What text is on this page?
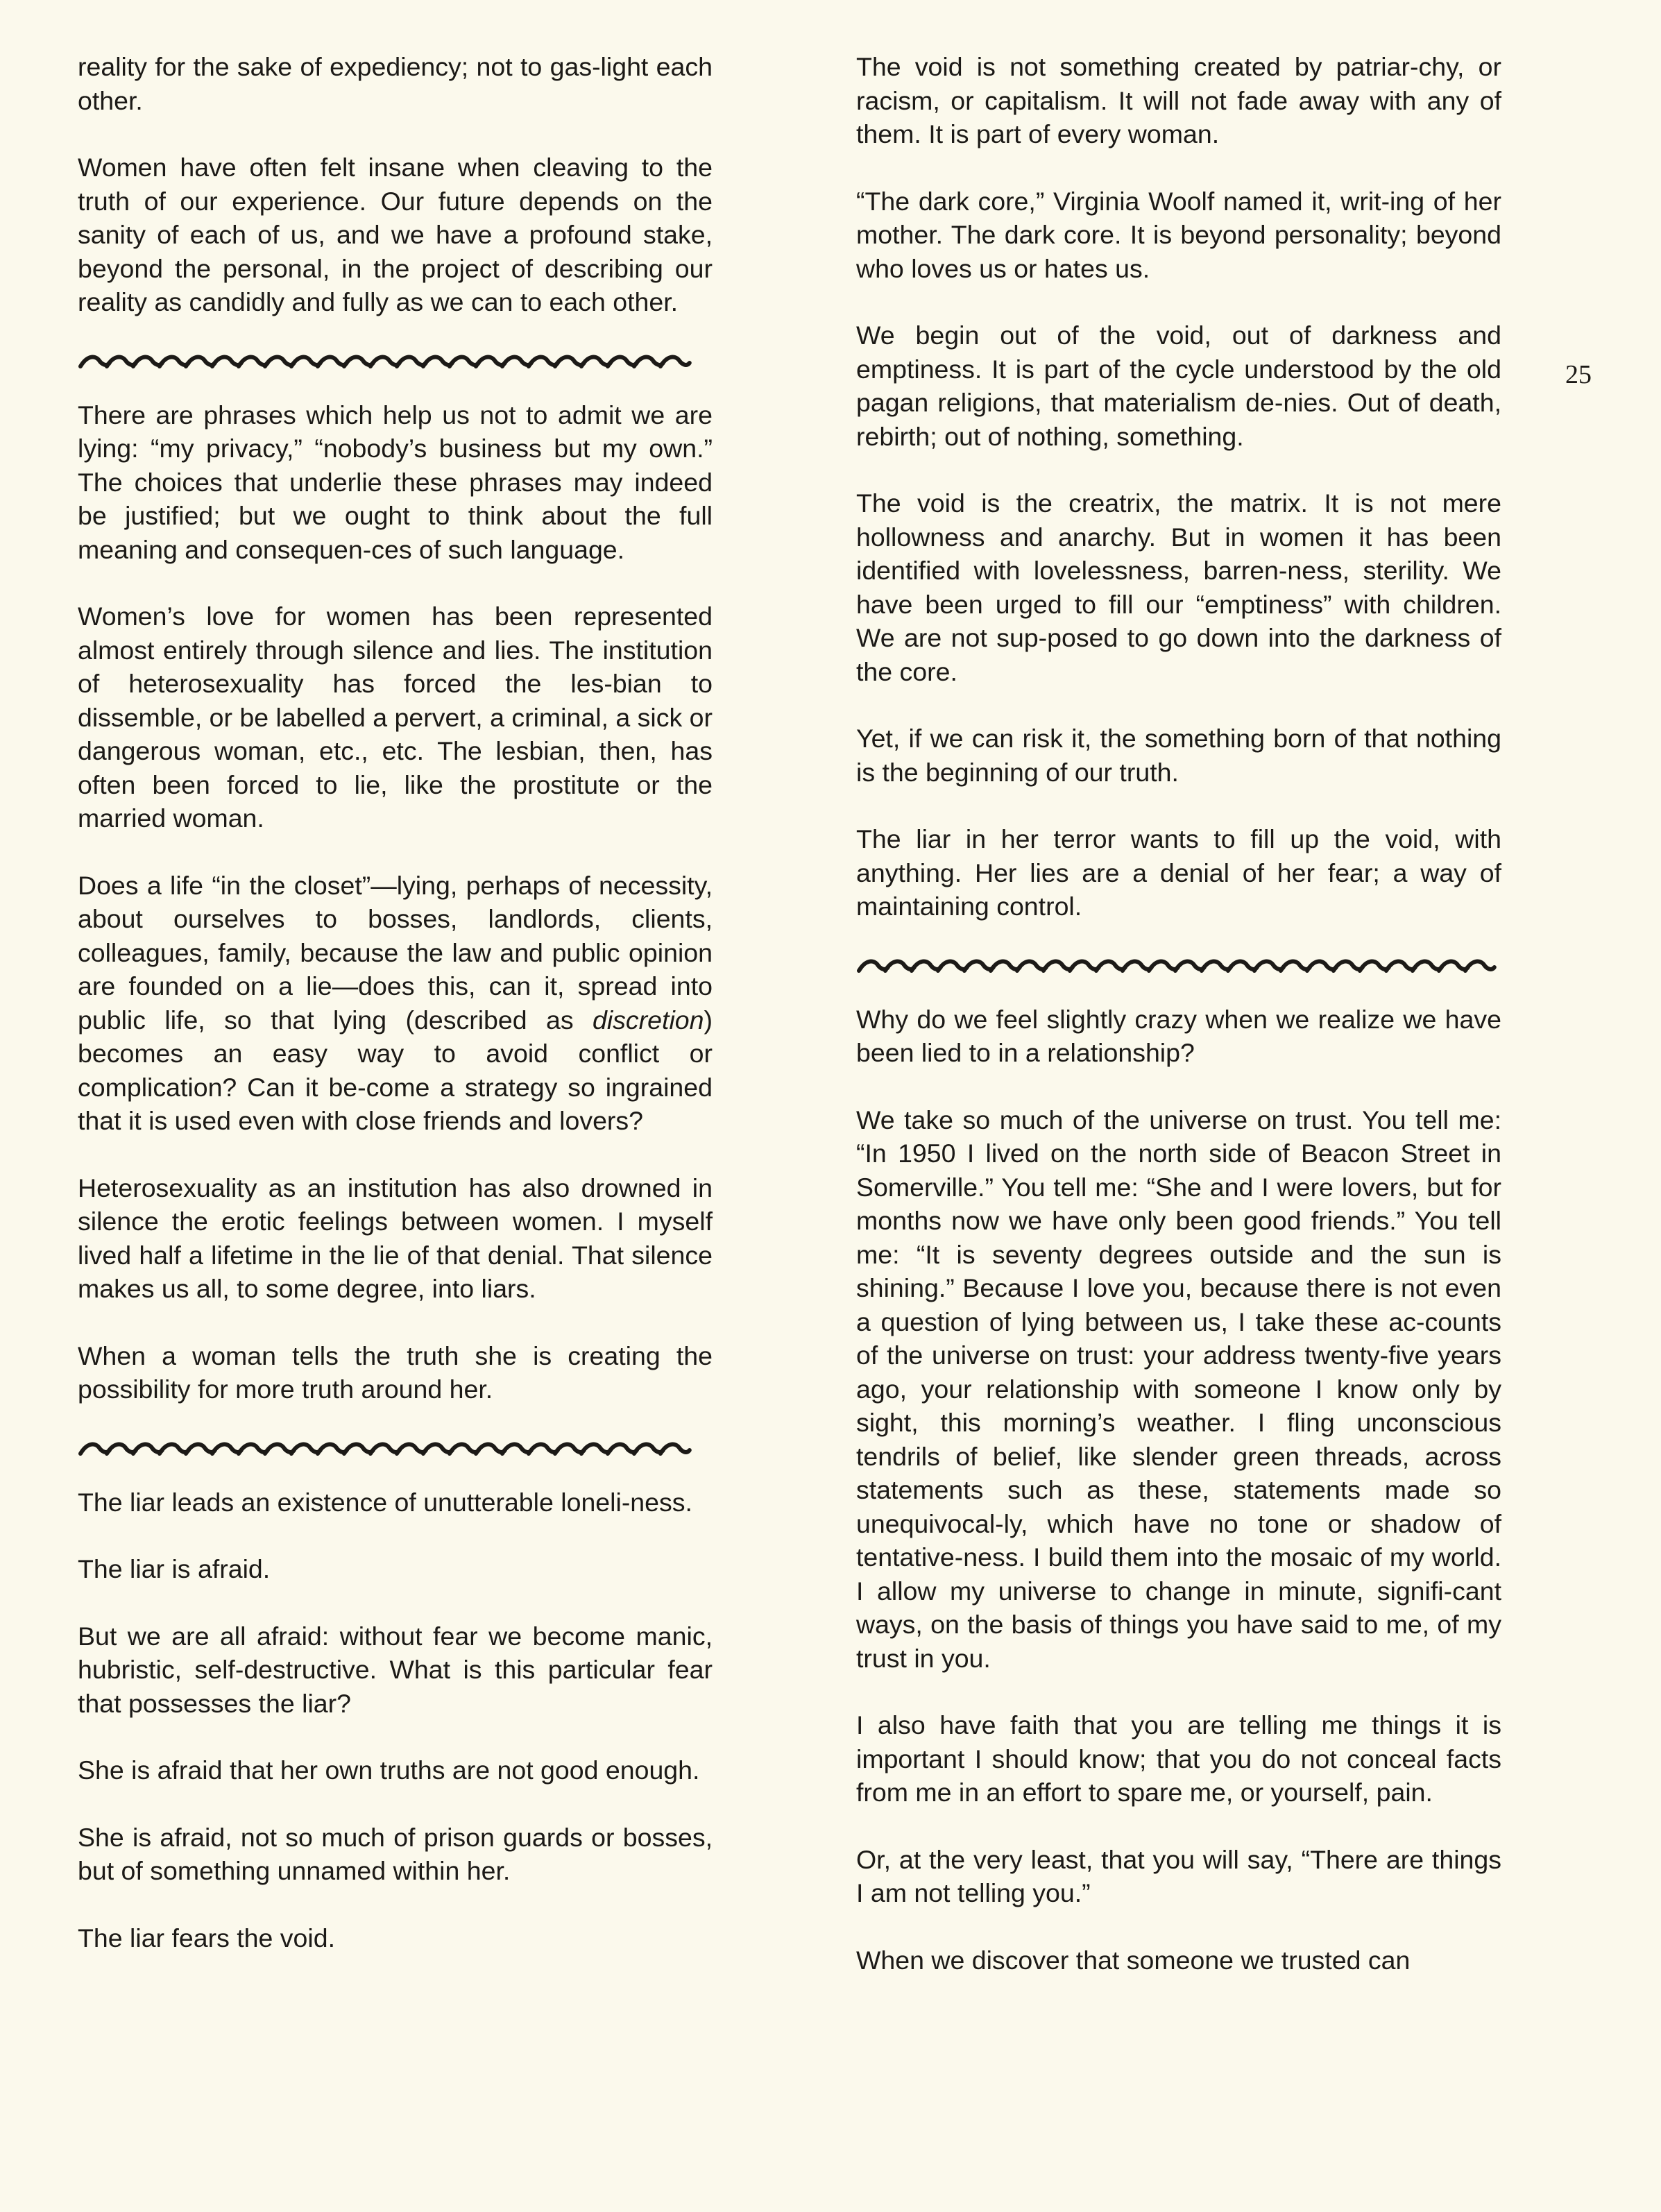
reality for the sake of expediency; not to gas-light each other.

Women have often felt insane when cleaving to the truth of our experience. Our future depends on the sanity of each of us, and we have a profound stake, beyond the personal, in the project of describing our reality as candidly and fully as we can to each other.

There are phrases which help us not to admit we are lying: “my privacy,” “nobody’s business but my own.” The choices that underlie these phrases may indeed be justified; but we ought to think about the full meaning and consequen-ces of such language.

Women’s love for women has been represented almost entirely through silence and lies. The institution of heterosexuality has forced the les-bian to dissemble, or be labelled a pervert, a criminal, a sick or dangerous woman, etc., etc. The lesbian, then, has often been forced to lie, like the prostitute or the married woman.

Does a life “in the closet”—lying, perhaps of necessity, about ourselves to bosses, landlords, clients, colleagues, family, because the law and public opinion are founded on a lie—does this, can it, spread into public life, so that lying (described as discretion) becomes an easy way to avoid conflict or complication? Can it be-come a strategy so ingrained that it is used even with close friends and lovers?

Heterosexuality as an institution has also drowned in silence the erotic feelings between women. I myself lived half a lifetime in the lie of that denial. That silence makes us all, to some degree, into liars.

When a woman tells the truth she is creating the possibility for more truth around her.

The liar leads an existence of unutterable loneli-ness.

The liar is afraid.

But we are all afraid: without fear we become manic, hubristic, self-destructive. What is this particular fear that possesses the liar?

She is afraid that her own truths are not good enough.

She is afraid, not so much of prison guards or bosses, but of something unnamed within her.

The liar fears the void.

The void is not something created by patriar-chy, or racism, or capitalism. It will not fade away with any of them. It is part of every woman.

“The dark core,” Virginia Woolf named it, writ-ing of her mother. The dark core. It is beyond personality; beyond who loves us or hates us.

We begin out of the void, out of darkness and emptiness. It is part of the cycle understood by the old pagan religions, that materialism de-nies. Out of death, rebirth; out of nothing, something.

The void is the creatrix, the matrix. It is not mere hollowness and anarchy. But in women it has been identified with lovelessness, barren-ness, sterility. We have been urged to fill our “emptiness” with children. We are not sup-posed to go down into the darkness of the core.

Yet, if we can risk it, the something born of that nothing is the beginning of our truth.

The liar in her terror wants to fill up the void, with anything. Her lies are a denial of her fear; a way of maintaining control.

Why do we feel slightly crazy when we realize we have been lied to in a relationship?

We take so much of the universe on trust. You tell me: “In 1950 I lived on the north side of Beacon Street in Somerville.” You tell me: “She and I were lovers, but for months now we have only been good friends.” You tell me: “It is seventy degrees outside and the sun is shining.” Because I love you, because there is not even a question of lying between us, I take these ac-counts of the universe on trust: your address twenty-five years ago, your relationship with someone I know only by sight, this morning’s weather. I fling unconscious tendrils of belief, like slender green threads, across statements such as these, statements made so unequivocal-ly, which have no tone or shadow of tentative-ness. I build them into the mosaic of my world. I allow my universe to change in minute, signifi-cant ways, on the basis of things you have said to me, of my trust in you.

I also have faith that you are telling me things it is important I should know; that you do not conceal facts from me in an effort to spare me, or yourself, pain.

Or, at the very least, that you will say, “There are things I am not telling you.”

When we discover that someone we trusted can

25
